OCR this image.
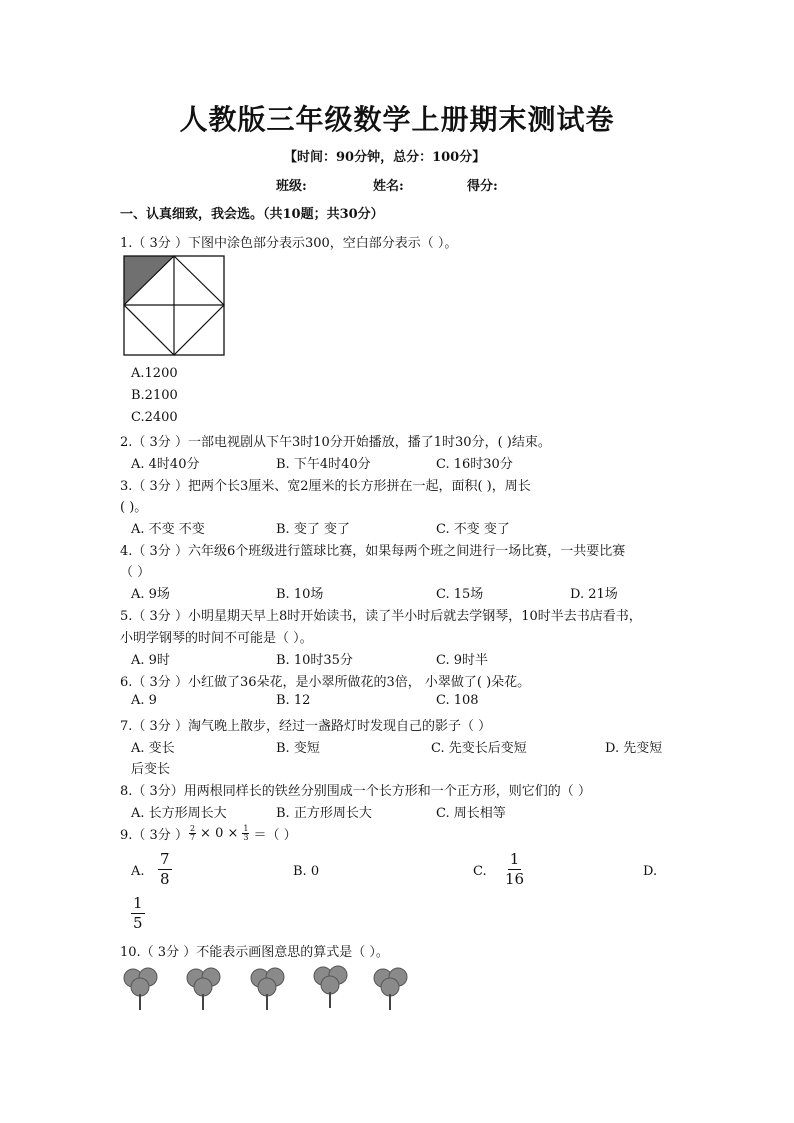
人教版三年级数学上册期末测试卷
【时间：90分钟，总分：100分】
班级:	姓名:	得分:
一、认真细致，我会选。（共10题；共30分）
1.（ 3分 ）下图中涂色部分表示300，空白部分表示（ ）。
A.1200
B.2100
C.2400
2.（ 3分 ）一部电视剧从下午3时10分开始播放，播了1时30分，( )结束。
A. 4时40分	B. 下午4时40分	C. 16时30分
3.（ 3分 ）把两个长3厘米、宽2厘米的长方形拼在一起，面积( )，周长
( )。
A. 不变 不变	B. 变了 变了	C. 不变 变了
4.（ 3分 ）六年级6个班级进行篮球比赛，如果每两个班之间进行一场比赛，一共要比赛
（ ）
A. 9场	B. 10场	C. 15场	D. 21场
5.（ 3分 ）小明星期天早上8时开始读书，读了半小时后就去学钢琴，10时半去书店看书，
小明学钢琴的时间不可能是（ ）。
A. 9时	B. 10时35分	C. 9时半
6.（ 3分 ）小红做了36朵花，是小翠所做花的3倍， 小翠做了( )朵花。
A. 9	B. 12	C. 108
7.（ 3分 ）淘气晚上散步，经过一盏路灯时发现自己的影子（ ）
A. 变长	B. 变短	C. 先变长后变短	D. 先变短
后变长
8.（ 3分）用两根同样长的铁丝分别围成一个长方形和一个正方形，则它们的（ ）
A. 长方形周长大	B. 正方形周长大	C. 周长相等
9.（ 3分 ） $\frac{2}{7} \times 0 \times \frac{1}{3}$ ＝（ ）
A. $\frac{7}{8}$	B. 0	C. $\frac{1}{16}$	D.
$\frac{1}{5}$
10.（ 3分 ）不能表示画图意思的算式是（ ）。
